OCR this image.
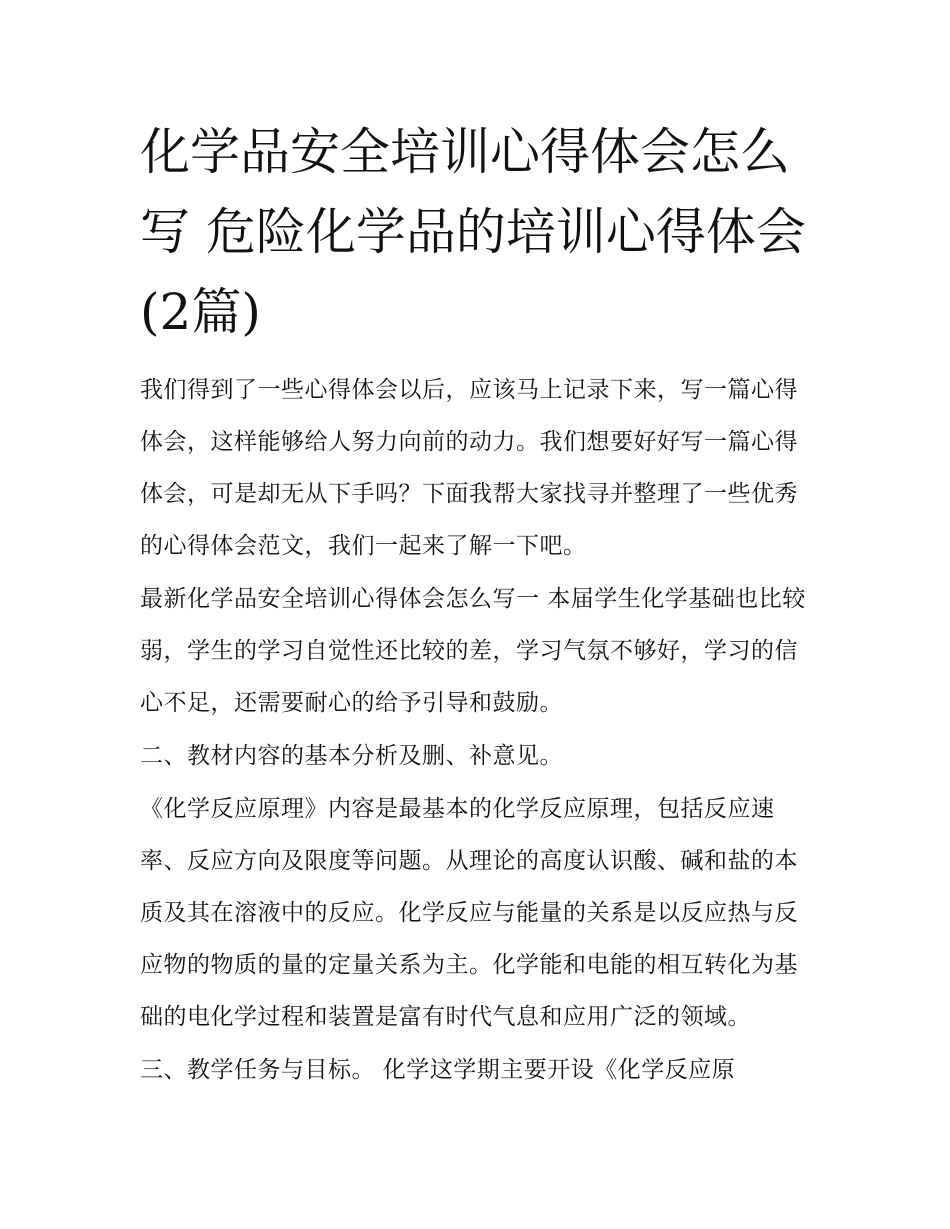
化学品安全培训心得体会怎么写 危险化学品的培训心得体会(2篇)

我们得到了一些心得体会以后，应该马上记录下来，写一篇心得体会，这样能够给人努力向前的动力。我们想要好好写一篇心得体会，可是却无从下手吗？下面我帮大家找寻并整理了一些优秀的心得体会范文，我们一起来了解一下吧。

最新化学品安全培训心得体会怎么写一 本届学生化学基础也比较弱，学生的学习自觉性还比较的差，学习气氛不够好，学习的信心不足，还需要耐心的给予引导和鼓励。

二、教材内容的基本分析及删、补意见。

《化学反应原理》内容是最基本的化学反应原理，包括反应速率、反应方向及限度等问题。从理论的高度认识酸、碱和盐的本质及其在溶液中的反应。化学反应与能量的关系是以反应热与反应物的物质的量的定量关系为主。化学能和电能的相互转化为基础的电化学过程和装置是富有时代气息和应用广泛的领域。

三、教学任务与目标。 化学这学期主要开设《化学反应原
